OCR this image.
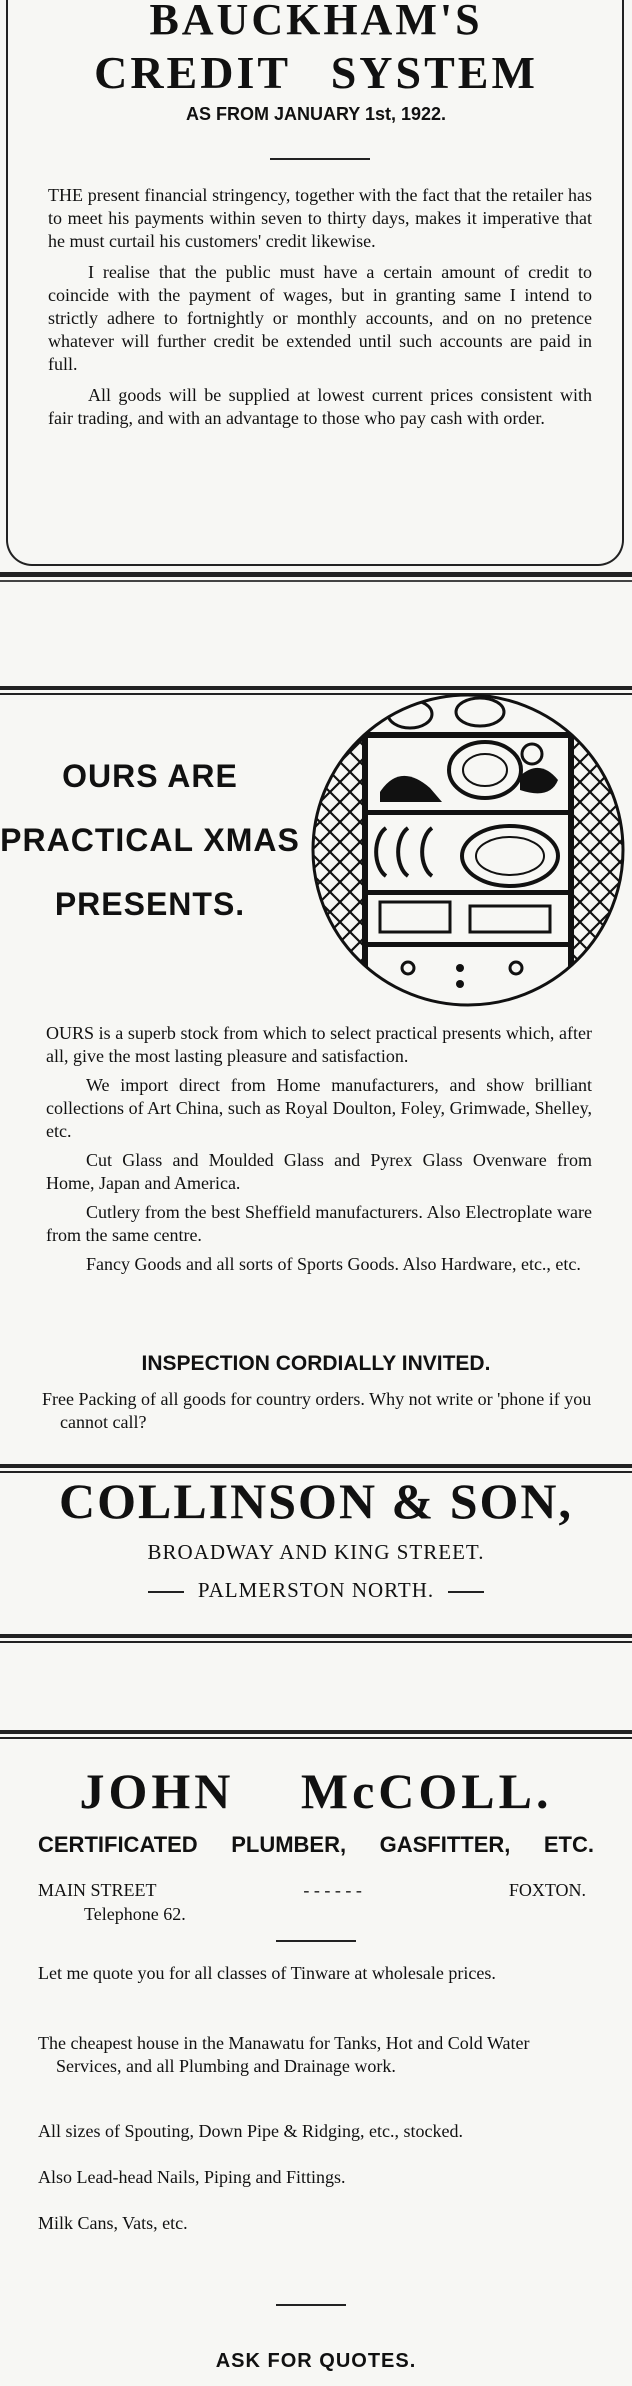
BAUCKHAM'S
CREDIT SYSTEM
AS FROM JANUARY 1st, 1922.

THE present financial stringency, together with the fact that the retailer has to meet his payments within seven to thirty days, makes it imperative that he must curtail his customers' credit likewise.

I realise that the public must have a certain amount of credit to coincide with the payment of wages, but in granting same I intend to strictly adhere to fortnightly or monthly accounts, and on no pretence whatever will further credit be extended until such accounts are paid in full.

All goods will be supplied at lowest current prices consistent with fair trading, and with an advantage to those who pay cash with order.

OURS ARE
PRACTICAL XMAS
PRESENTS.

OURS is a superb stock from which to select practical presents which, after all, give the most lasting pleasure and satisfaction.

We import direct from Home manufacturers, and show brilliant collections of Art China, such as Royal Doulton, Foley, Grimwade, Shelley, etc.

Cut Glass and Moulded Glass and Pyrex Glass Ovenware from Home, Japan and America.

Cutlery from the best Sheffield manufacturers. Also Electroplate ware from the same centre.

Fancy Goods and all sorts of Sports Goods. Also Hardware, etc., etc.

INSPECTION CORDIALLY INVITED.
Free Packing of all goods for country orders. Why not write or 'phone if you cannot call?
COLLINSON & SON,
BROADWAY AND KING STREET.
PALMERSTON NORTH.
JOHN McCOLL.
CERTIFICATED PLUMBER, GASFITTER, ETC.
MAIN STREET	- - - - - -	FOXTON.
Telephone 62.
Let me quote you for all classes of Tinware at wholesale prices.
The cheapest house in the Manawatu for Tanks, Hot and Cold Water Services, and all Plumbing and Drainage work.
All sizes of Spouting, Down Pipe & Ridging, etc., stocked.
Also Lead-head Nails, Piping and Fittings.
Milk Cans, Vats, etc.
ASK FOR QUOTES.
